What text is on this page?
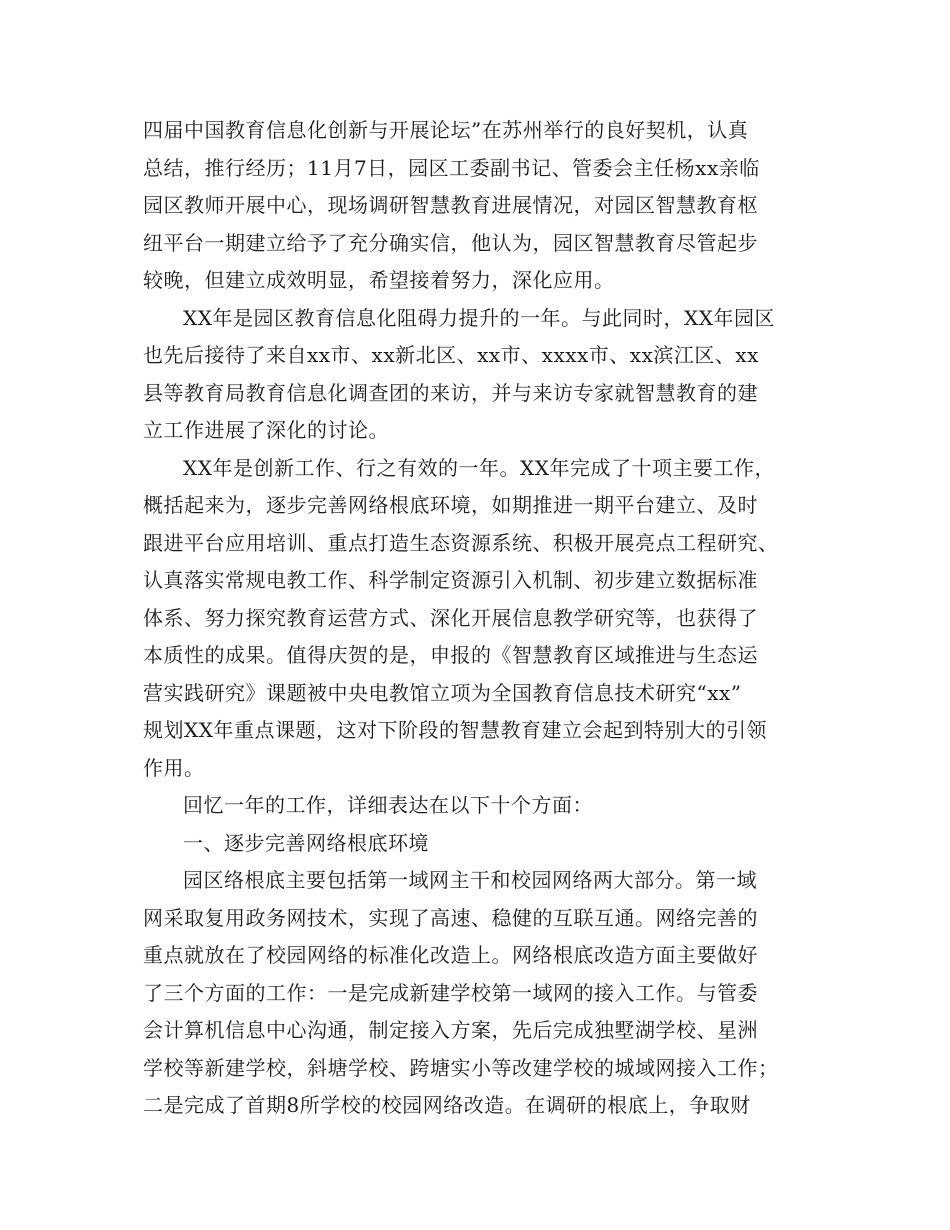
四届中国教育信息化创新与开展论坛”在苏州举行的良好契机，认真
总结，推行经历；11月7日，园区工委副书记、管委会主任杨xx亲临
园区教师开展中心，现场调研智慧教育进展情况，对园区智慧教育枢
纽平台一期建立给予了充分确实信，他认为，园区智慧教育尽管起步
较晚，但建立成效明显，希望接着努力，深化应用。
XX年是园区教育信息化阻碍力提升的一年。与此同时，XX年园区
也先后接待了来自xx市、xx新北区、xx市、xxxx市、xx滨江区、xx
县等教育局教育信息化调查团的来访，并与来访专家就智慧教育的建
立工作进展了深化的讨论。
XX年是创新工作、行之有效的一年。XX年完成了十项主要工作，
概括起来为，逐步完善网络根底环境，如期推进一期平台建立、及时
跟进平台应用培训、重点打造生态资源系统、积极开展亮点工程研究、
认真落实常规电教工作、科学制定资源引入机制、初步建立数据标准
体系、努力探究教育运营方式、深化开展信息教学研究等，也获得了
本质性的成果。值得庆贺的是，申报的《智慧教育区域推进与生态运
营实践研究》课题被中央电教馆立项为全国教育信息技术研究“xx”
规划XX年重点课题，这对下阶段的智慧教育建立会起到特别大的引领
作用。
回忆一年的工作，详细表达在以下十个方面：
一、逐步完善网络根底环境
园区络根底主要包括第一域网主干和校园网络两大部分。第一域
网采取复用政务网技术，实现了高速、稳健的互联互通。网络完善的
重点就放在了校园网络的标准化改造上。网络根底改造方面主要做好
了三个方面的工作：一是完成新建学校第一域网的接入工作。与管委
会计算机信息中心沟通，制定接入方案，先后完成独墅湖学校、星洲
学校等新建学校，斜塘学校、跨塘实小等改建学校的城域网接入工作；
二是完成了首期8所学校的校园网络改造。在调研的根底上，争取财
